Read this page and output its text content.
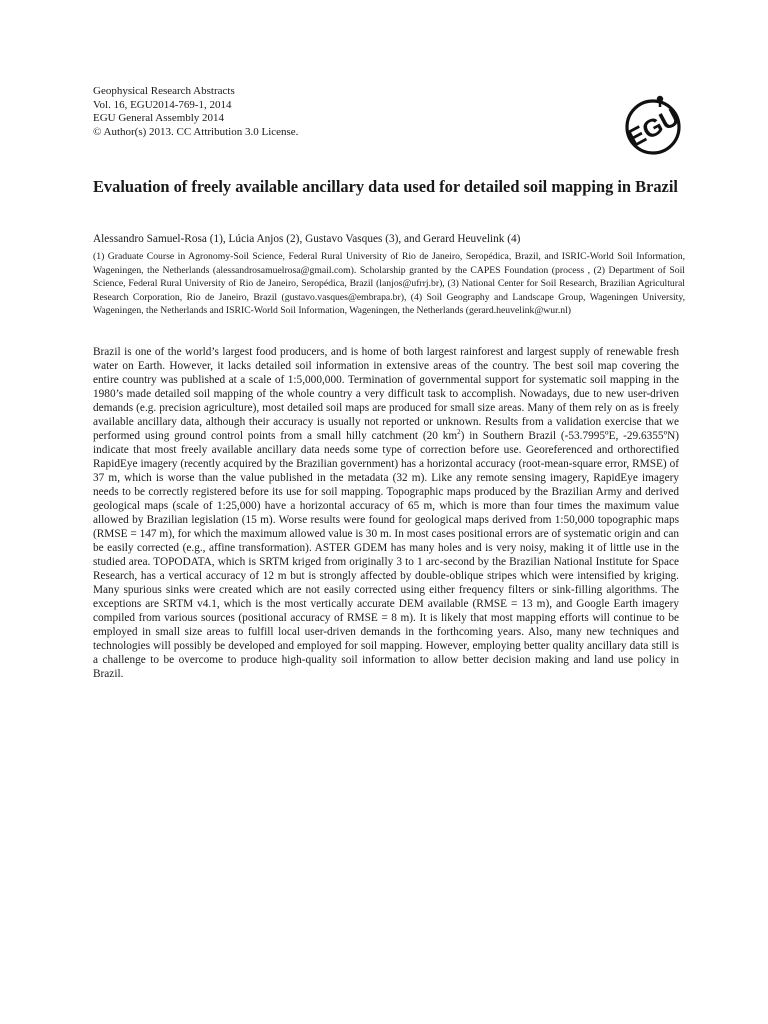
Geophysical Research Abstracts
Vol. 16, EGU2014-769-1, 2014
EGU General Assembly 2014
© Author(s) 2013. CC Attribution 3.0 License.	EGU
Evaluation of freely available ancillary data used for detailed soil mapping in Brazil
Alessandro Samuel-Rosa (1), Lúcia Anjos (2), Gustavo Vasques (3), and Gerard Heuvelink (4)
(1) Graduate Course in Agronomy-Soil Science, Federal Rural University of Rio de Janeiro, Seropédica, Brazil, and ISRIC-World Soil Information, Wageningen, the Netherlands (alessandrosamuelrosa@gmail.com). Scholarship granted by the CAPES Foundation (process , (2) Department of Soil Science, Federal Rural University of Rio de Janeiro, Seropédica, Brazil (lanjos@ufrrj.br), (3) National Center for Soil Research, Brazilian Agricultural Research Corporation, Rio de Janeiro, Brazil (gustavo.vasques@embrapa.br), (4) Soil Geography and Landscape Group, Wageningen University, Wageningen, the Netherlands and ISRIC-World Soil Information, Wageningen, the Netherlands (gerard.heuvelink@wur.nl)
Brazil is one of the world’s largest food producers, and is home of both largest rainforest and largest supply of renewable fresh water on Earth. However, it lacks detailed soil information in extensive areas of the country. The best soil map covering the entire country was published at a scale of 1:5,000,000. Termination of governmental support for systematic soil mapping in the 1980’s made detailed soil mapping of the whole country a very difficult task to accomplish. Nowadays, due to new user-driven demands (e.g. precision agriculture), most detailed soil maps are produced for small size areas. Many of them rely on as is freely available ancillary data, although their accuracy is usually not reported or unknown. Results from a validation exercise that we performed using ground control points from a small hilly catchment (20 $km^2$) in Southern Brazil (-53.7995ºE, -29.6355ºN) indicate that most freely available ancillary data needs some type of correction before use. Georeferenced and orthorectified RapidEye imagery (recently acquired by the Brazilian government) has a horizontal accuracy (root-mean-square error, RMSE) of 37 m, which is worse than the value published in the metadata (32 m). Like any remote sensing imagery, RapidEye imagery needs to be correctly registered before its use for soil mapping. Topographic maps produced by the Brazilian Army and derived geological maps (scale of 1:25,000) have a horizontal accuracy of 65 m, which is more than four times the maximum value allowed by Brazilian legislation (15 m). Worse results were found for geological maps derived from 1:50,000 topographic maps (RMSE = 147 m), for which the maximum allowed value is 30 m. In most cases positional errors are of systematic origin and can be easily corrected (e.g., affine transformation). ASTER GDEM has many holes and is very noisy, making it of little use in the studied area. TOPODATA, which is SRTM kriged from originally 3 to 1 arc-second by the Brazilian National Institute for Space Research, has a vertical accuracy of 12 m but is strongly affected by double-oblique stripes which were intensified by kriging. Many spurious sinks were created which are not easily corrected using either frequency filters or sink-filling algorithms. The exceptions are SRTM v4.1, which is the most vertically accurate DEM available (RMSE = 13 m), and Google Earth imagery compiled from various sources (positional accuracy of RMSE = 8 m). It is likely that most mapping efforts will continue to be employed in small size areas to fulfill local user-driven demands in the forthcoming years. Also, many new techniques and technologies will possibly be developed and employed for soil mapping. However, employing better quality ancillary data still is a challenge to be overcome to produce high-quality soil information to allow better decision making and land use policy in Brazil.
